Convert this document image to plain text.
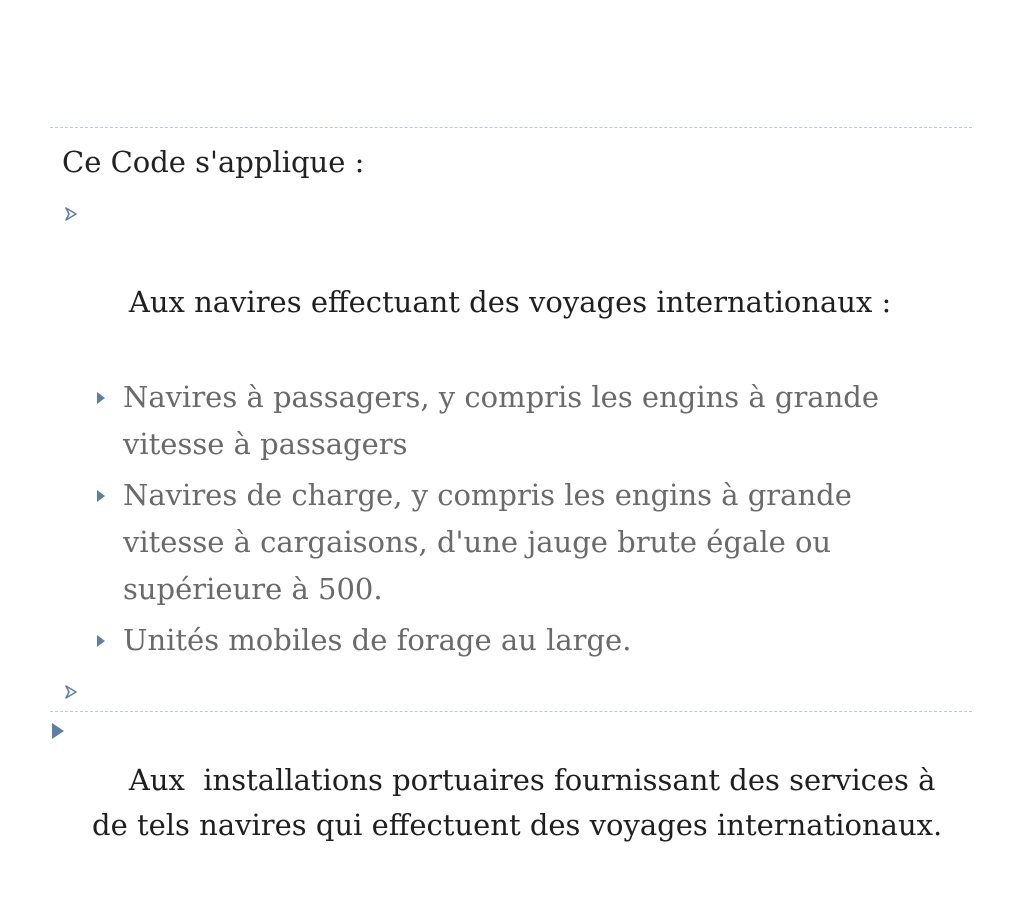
Ce Code s'applique :

Aux navires effectuant des voyages internationaux :

Navires à passagers, y compris les engins à grande vitesse à passagers
Navires de charge, y compris les engins à grande vitesse à cargaisons, d'une jauge brute égale ou supérieure à 500.
Unités mobiles de forage au large.

Aux  installations portuaires fournissant des services à de tels navires qui effectuent des voyages internationaux.
